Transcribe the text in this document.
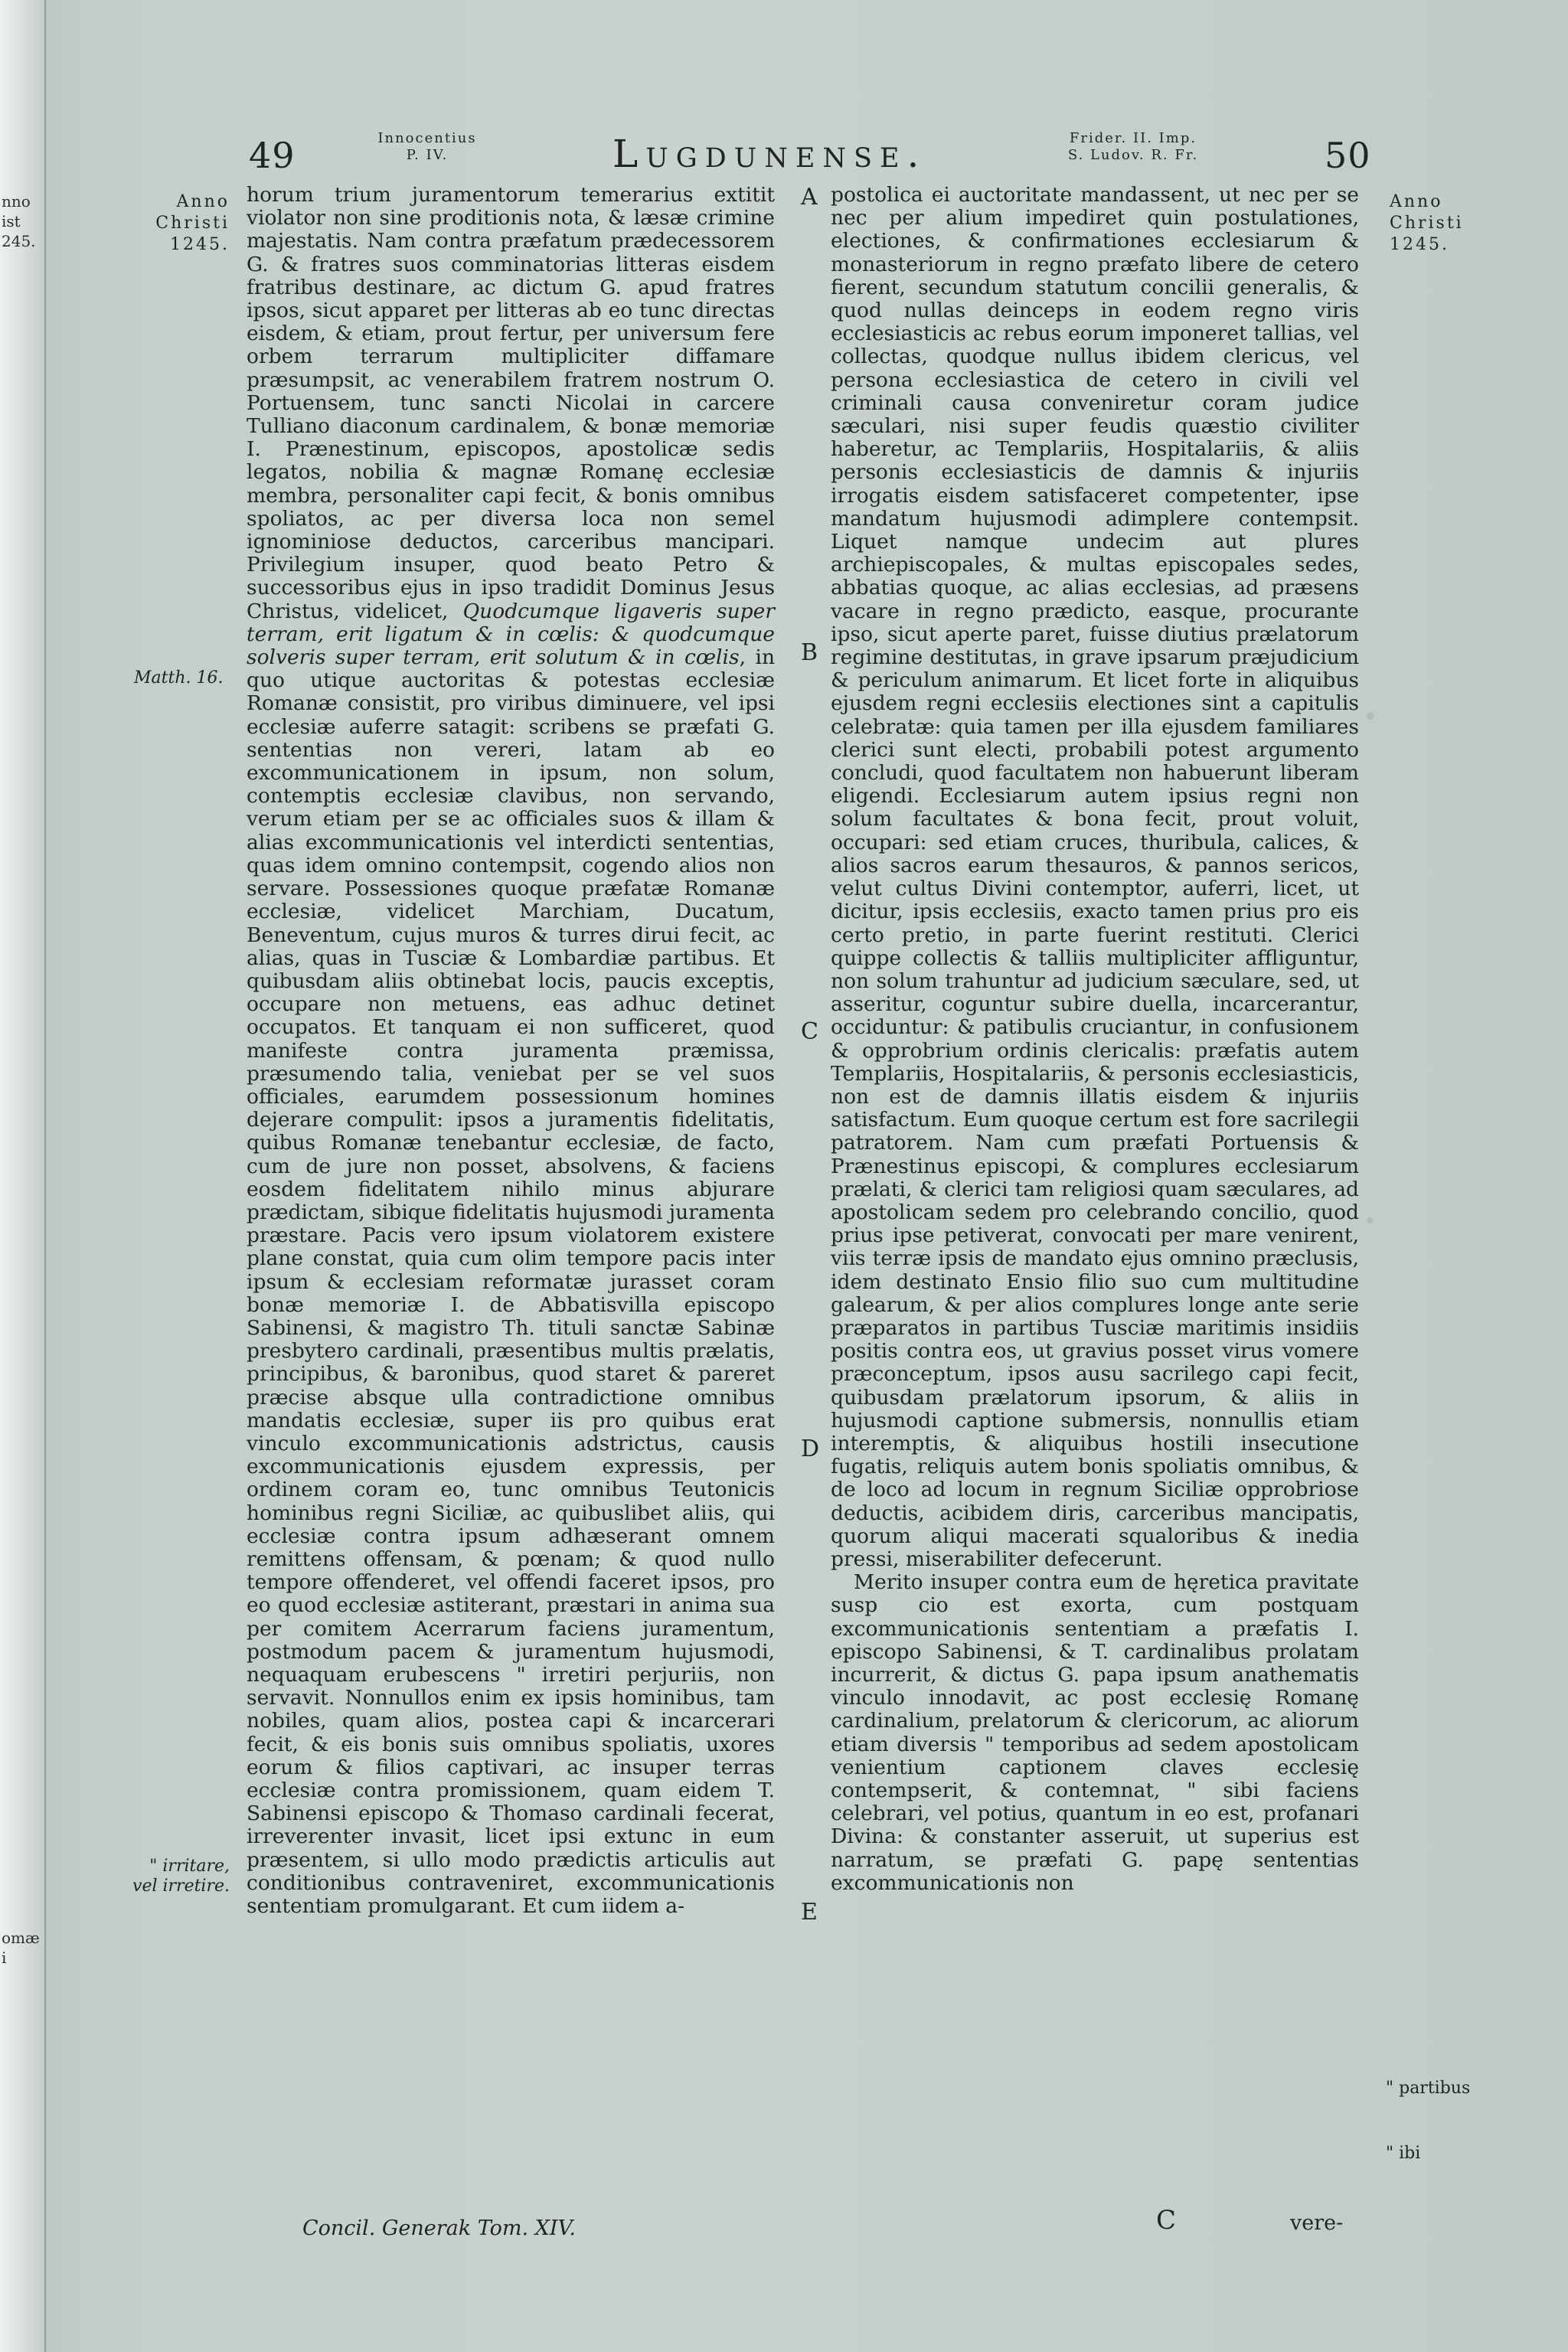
nno
ist
245.
omæ
i
49	Innocentius
P. IV.	Lugdunense.	Frider. II. Imp.
S. Ludov. R. Fr.	50
Anno
Christi
1245.
Matth. 16.
" irritare,
vel irretire.
Anno
Christi
1245.
" partibus
" ibi
A
B
C
D
E

horum trium juramentorum temerarius extitit violator non sine proditionis nota, & læsæ crimine majestatis. Nam contra præfatum prædecessorem G. & fratres suos comminatorias litteras eisdem fratribus destinare, ac dictum G. apud fratres ipsos, sicut apparet per litteras ab eo tunc directas eisdem, & etiam, prout fertur, per universum fere orbem terrarum multipliciter diffamare præsumpsit, ac venerabilem fratrem nostrum O. Portuensem, tunc sancti Nicolai in carcere Tulliano diaconum cardinalem, & bonæ memoriæ I. Prænestinum, episcopos, apostolicæ sedis legatos, nobilia & magnæ Romanę ecclesiæ membra, personaliter capi fecit, & bonis omnibus spoliatos, ac per diversa loca non semel ignominiose deductos, carceribus mancipari. Privilegium insuper, quod beato Petro & successoribus ejus in ipso tradidit Dominus Jesus Christus, videlicet, Quodcumque ligaveris super terram, erit ligatum & in cœlis: & quodcumque solveris super terram, erit solutum & in cœlis, in quo utique auctoritas & potestas ecclesiæ Romanæ consistit, pro viribus diminuere, vel ipsi ecclesiæ auferre satagit: scribens se præfati G. sententias non vereri, latam ab eo excommunicationem in ipsum, non solum, contemptis ecclesiæ clavibus, non servando, verum etiam per se ac officiales suos & illam & alias excommunicationis vel interdicti sententias, quas idem omnino contempsit, cogendo alios non servare. Possessiones quoque præfatæ Romanæ ecclesiæ, videlicet Marchiam, Ducatum, Beneventum, cujus muros & turres dirui fecit, ac alias, quas in Tusciæ & Lombardiæ partibus. Et quibusdam aliis obtinebat locis, paucis exceptis, occupare non metuens, eas adhuc detinet occupatos. Et tanquam ei non sufficeret, quod manifeste contra juramenta præmissa, præsumendo talia, veniebat per se vel suos officiales, earumdem possessionum homines dejerare compulit: ipsos a juramentis fidelitatis, quibus Romanæ tenebantur ecclesiæ, de facto, cum de jure non posset, absolvens, & faciens eosdem fidelitatem nihilo minus abjurare prædictam, sibique fidelitatis hujusmodi juramenta præstare. Pacis vero ipsum violatorem existere plane constat, quia cum olim tempore pacis inter ipsum & ecclesiam reformatæ jurasset coram bonæ memoriæ I. de Abbatisvilla episcopo Sabinensi, & magistro Th. tituli sanctæ Sabinæ presbytero cardinali, præsentibus multis prælatis, principibus, & baronibus, quod staret & pareret præcise absque ulla contradictione omnibus mandatis ecclesiæ, super iis pro quibus erat vinculo excommunicationis adstrictus, causis excommunicationis ejusdem expressis, per ordinem coram eo, tunc omnibus Teutonicis hominibus regni Siciliæ, ac quibuslibet aliis, qui ecclesiæ contra ipsum adhæserant omnem remittens offensam, & pœnam; & quod nullo tempore offenderet, vel offendi faceret ipsos, pro eo quod ecclesiæ astiterant, præstari in anima sua per comitem Acerrarum faciens juramentum, postmodum pacem & juramentum hujusmodi, nequaquam erubescens " irretiri perjuriis, non servavit. Nonnullos enim ex ipsis hominibus, tam nobiles, quam alios, postea capi & incarcerari fecit, & eis bonis suis omnibus spoliatis, uxores eorum & filios captivari, ac insuper terras ecclesiæ contra promissionem, quam eidem T. Sabinensi episcopo & Thomaso cardinali fecerat, irreverenter invasit, licet ipsi extunc in eum præsentem, si ullo modo prædictis articulis aut conditionibus contraveniret, excommunicationis sententiam promulgarant. Et cum iidem a-

postolica ei auctoritate mandassent, ut nec per se nec per alium impediret quin postulationes, electiones, & confirmationes ecclesiarum & monasteriorum in regno præfato libere de cetero fierent, secundum statutum concilii generalis, & quod nullas deinceps in eodem regno viris ecclesiasticis ac rebus eorum imponeret tallias, vel collectas, quodque nullus ibidem clericus, vel persona ecclesiastica de cetero in civili vel criminali causa conveniretur coram judice sæculari, nisi super feudis quæstio civiliter haberetur, ac Templariis, Hospitalariis, & aliis personis ecclesiasticis de damnis & injuriis irrogatis eisdem satisfaceret competenter, ipse mandatum hujusmodi adimplere contempsit. Liquet namque undecim aut plures archiepiscopales, & multas episcopales sedes, abbatias quoque, ac alias ecclesias, ad præsens vacare in regno prædicto, easque, procurante ipso, sicut aperte paret, fuisse diutius prælatorum regimine destitutas, in grave ipsarum præjudicium & periculum animarum. Et licet forte in aliquibus ejusdem regni ecclesiis electiones sint a capitulis celebratæ: quia tamen per illa ejusdem familiares clerici sunt electi, probabili potest argumento concludi, quod facultatem non habuerunt liberam eligendi. Ecclesiarum autem ipsius regni non solum facultates & bona fecit, prout voluit, occupari: sed etiam cruces, thuribula, calices, & alios sacros earum thesauros, & pannos sericos, velut cultus Divini contemptor, auferri, licet, ut dicitur, ipsis ecclesiis, exacto tamen prius pro eis certo pretio, in parte fuerint restituti. Clerici quippe collectis & talliis multipliciter affliguntur, non solum trahuntur ad judicium sæculare, sed, ut asseritur, coguntur subire duella, incarcerantur, occiduntur: & patibulis cruciantur, in confusionem & opprobrium ordinis clericalis: præfatis autem Templariis, Hospitalariis, & personis ecclesiasticis, non est de damnis illatis eisdem & injuriis satisfactum. Eum quoque certum est fore sacrilegii patratorem. Nam cum præfati Portuensis & Prænestinus episcopi, & complures ecclesiarum prælati, & clerici tam religiosi quam sæculares, ad apostolicam sedem pro celebrando concilio, quod prius ipse petiverat, convocati per mare venirent, viis terræ ipsis de mandato ejus omnino præclusis, idem destinato Ensio filio suo cum multitudine galearum, & per alios complures longe ante serie præparatos in partibus Tusciæ maritimis insidiis positis contra eos, ut gravius posset virus vomere præconceptum, ipsos ausu sacrilego capi fecit, quibusdam prælatorum ipsorum, & aliis in hujusmodi captione submersis, nonnullis etiam interemptis, & aliquibus hostili insecutione fugatis, reliquis autem bonis spoliatis omnibus, & de loco ad locum in regnum Siciliæ opprobriose deductis, acibidem diris, carceribus mancipatis, quorum aliqui macerati squaloribus & inedia pressi, miserabiliter defecerunt.

Merito insuper contra eum de hęretica pravitate susp cio est exorta, cum postquam excommunicationis sententiam a præfatis I. episcopo Sabinensi, & T. cardinalibus prolatam incurrerit, & dictus G. papa ipsum anathematis vinculo innodavit, ac post ecclesię Romanę cardinalium, prelatorum & clericorum, ac aliorum etiam diversis " temporibus ad sedem apostolicam venientium captionem claves ecclesię contempserit, & contemnat, " sibi faciens celebrari, vel potius, quantum in eo est, profanari Divina: & constanter asseruit, ut superius est narratum, se præfati G. papę sententias excommunicationis non

Concil. Generak Tom. XIV.	C	vere-
